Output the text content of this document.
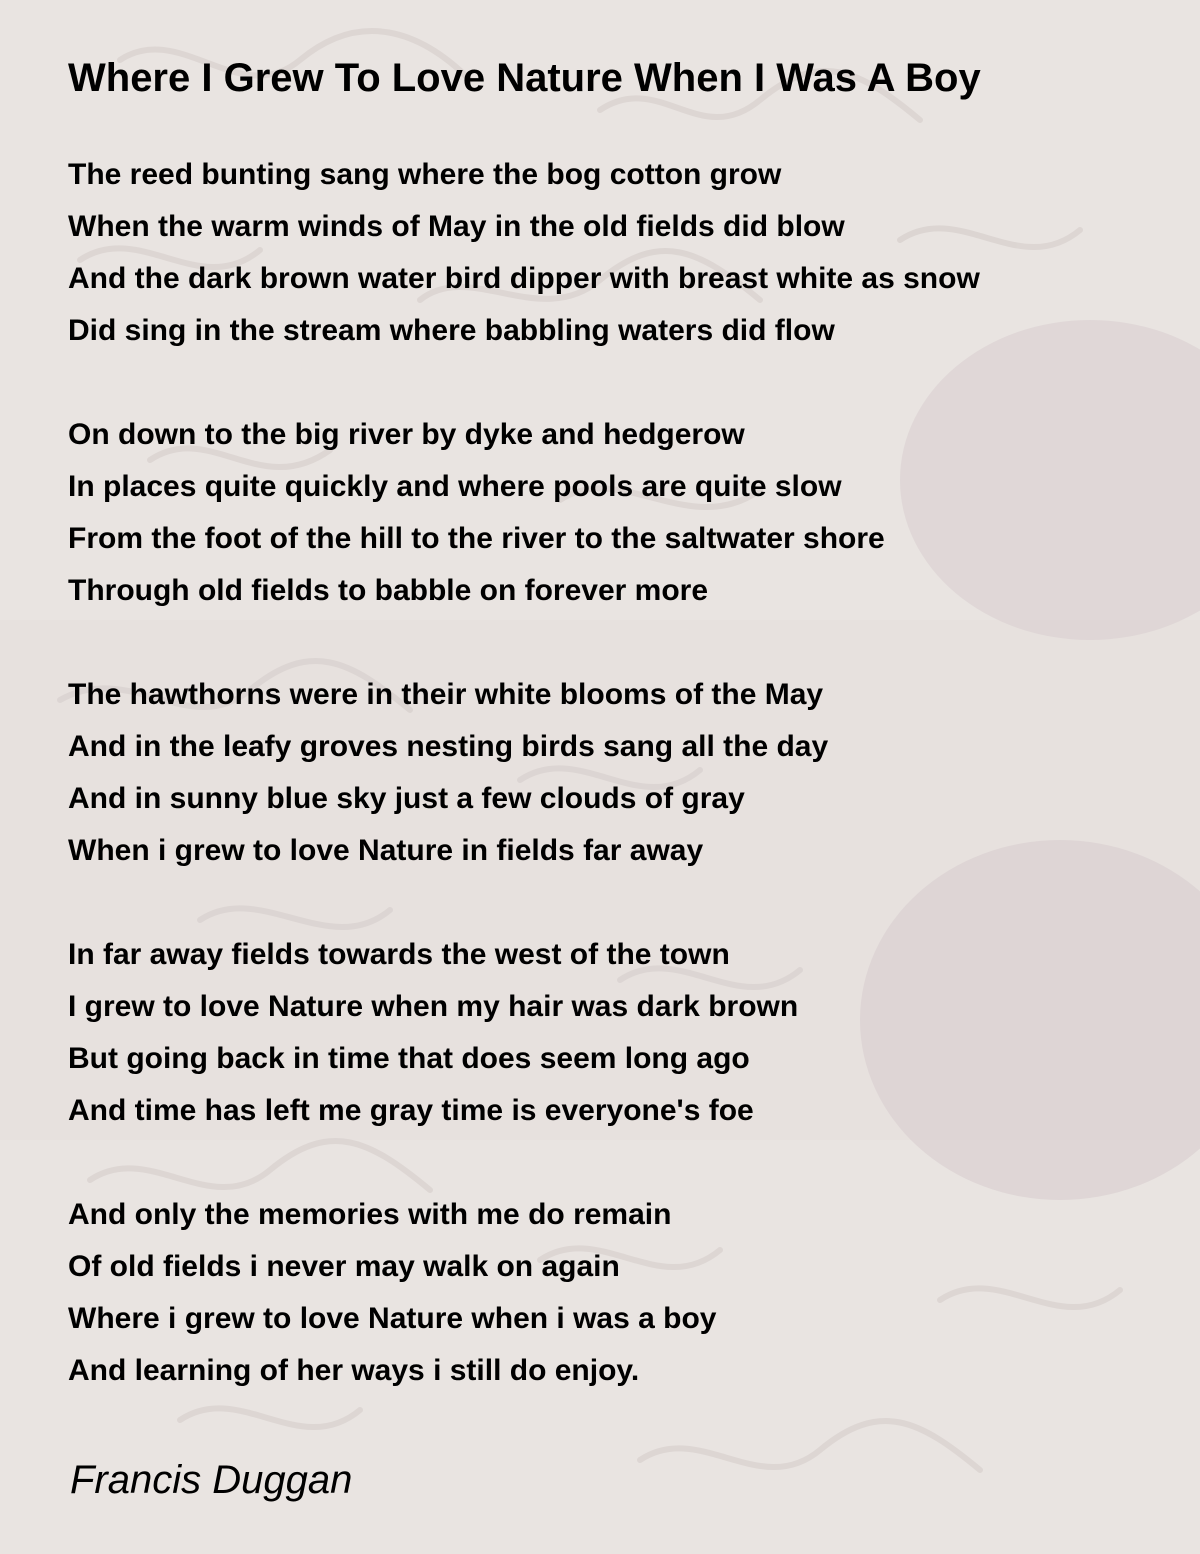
Where I Grew To Love Nature When I Was A Boy
The reed bunting sang where the bog cotton grow
When the warm winds of May in the old fields did blow
And the dark brown water bird dipper with breast white as snow
Did sing in the stream where babbling waters did flow
On down to the big river by dyke and hedgerow
In places quite quickly and where pools are quite slow
From the foot of the hill to the river to the saltwater shore
Through old fields to babble on forever more
The hawthorns were in their white blooms of the May
And in the leafy groves nesting birds sang all the day
And in sunny blue sky just a few clouds of gray
When i grew to love Nature in fields far away
In far away fields towards the west of the town
I grew to love Nature when my hair was dark brown
But going back in time that does seem long ago
And time has left me gray time is everyone's foe
And only the memories with me do remain
Of old fields i never may walk on again
Where i grew to love Nature when i was a boy
And learning of her ways i still do enjoy.

Francis Duggan
